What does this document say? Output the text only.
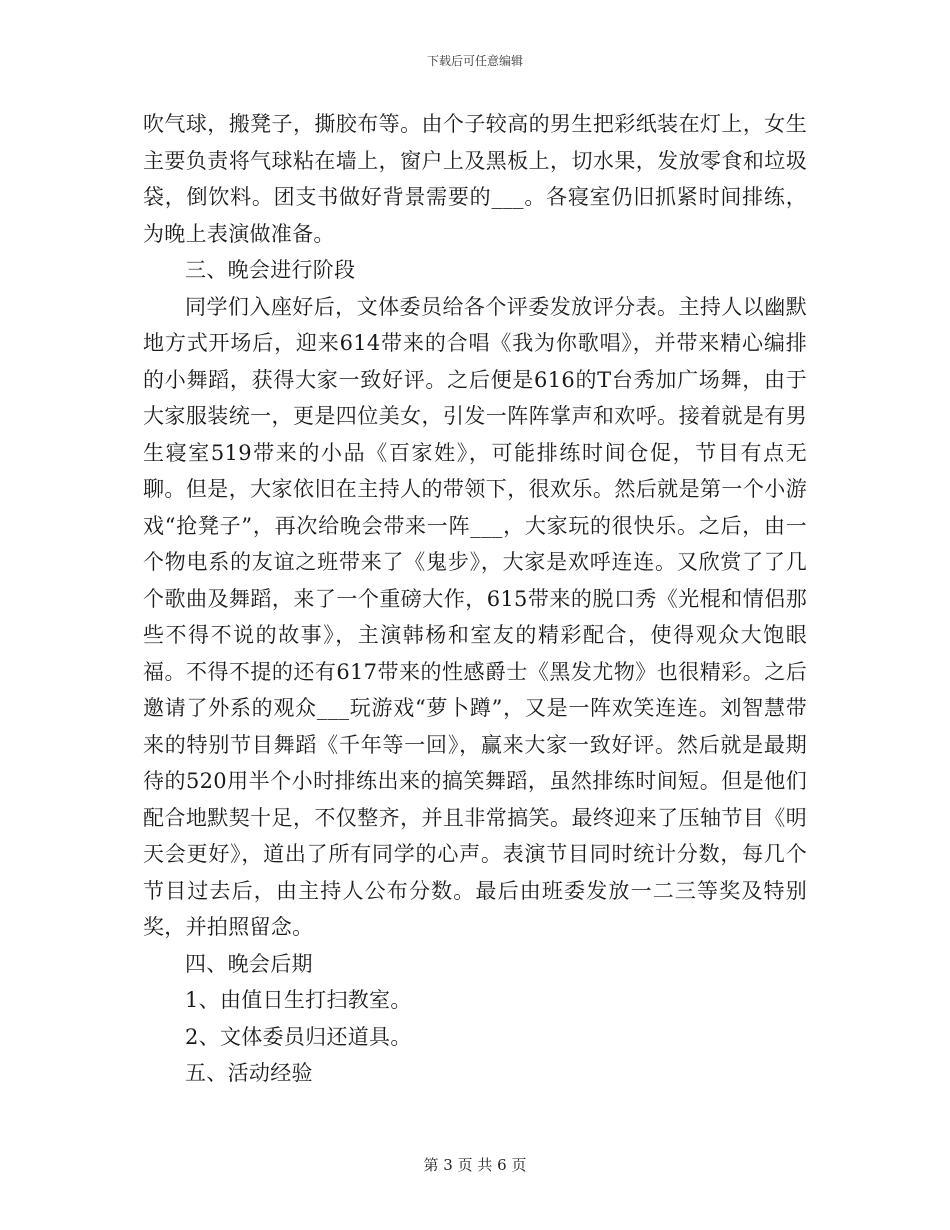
下载后可任意编辑

吹气球，搬凳子，撕胶布等。由个子较高的男生把彩纸装在灯上，女生主要负责将气球粘在墙上，窗户上及黑板上，切水果，发放零食和垃圾袋，倒饮料。团支书做好背景需要的___。各寝室仍旧抓紧时间排练，为晚上表演做准备。

三、晚会进行阶段

同学们入座好后，文体委员给各个评委发放评分表。主持人以幽默地方式开场后，迎来614带来的合唱《我为你歌唱》，并带来精心编排的小舞蹈，获得大家一致好评。之后便是616的T台秀加广场舞，由于大家服装统一，更是四位美女，引发一阵阵掌声和欢呼。接着就是有男生寝室519带来的小品《百家姓》，可能排练时间仓促，节目有点无聊。但是，大家依旧在主持人的带领下，很欢乐。然后就是第一个小游戏“抢凳子”，再次给晚会带来一阵___，大家玩的很快乐。之后，由一个物电系的友谊之班带来了《鬼步》，大家是欢呼连连。又欣赏了了几个歌曲及舞蹈，来了一个重磅大作，615带来的脱口秀《光棍和情侣那些不得不说的故事》，主演韩杨和室友的精彩配合，使得观众大饱眼福。不得不提的还有617带来的性感爵士《黑发尤物》也很精彩。之后邀请了外系的观众___玩游戏“萝卜蹲”，又是一阵欢笑连连。刘智慧带来的特别节目舞蹈《千年等一回》，赢来大家一致好评。然后就是最期待的520用半个小时排练出来的搞笑舞蹈，虽然排练时间短。但是他们配合地默契十足，不仅整齐，并且非常搞笑。最终迎来了压轴节目《明天会更好》，道出了所有同学的心声。表演节目同时统计分数，每几个节目过去后，由主持人公布分数。最后由班委发放一二三等奖及特别奖，并拍照留念。

四、晚会后期

1、由值日生打扫教室。

2、文体委员归还道具。

五、活动经验

第 3 页 共 6 页
